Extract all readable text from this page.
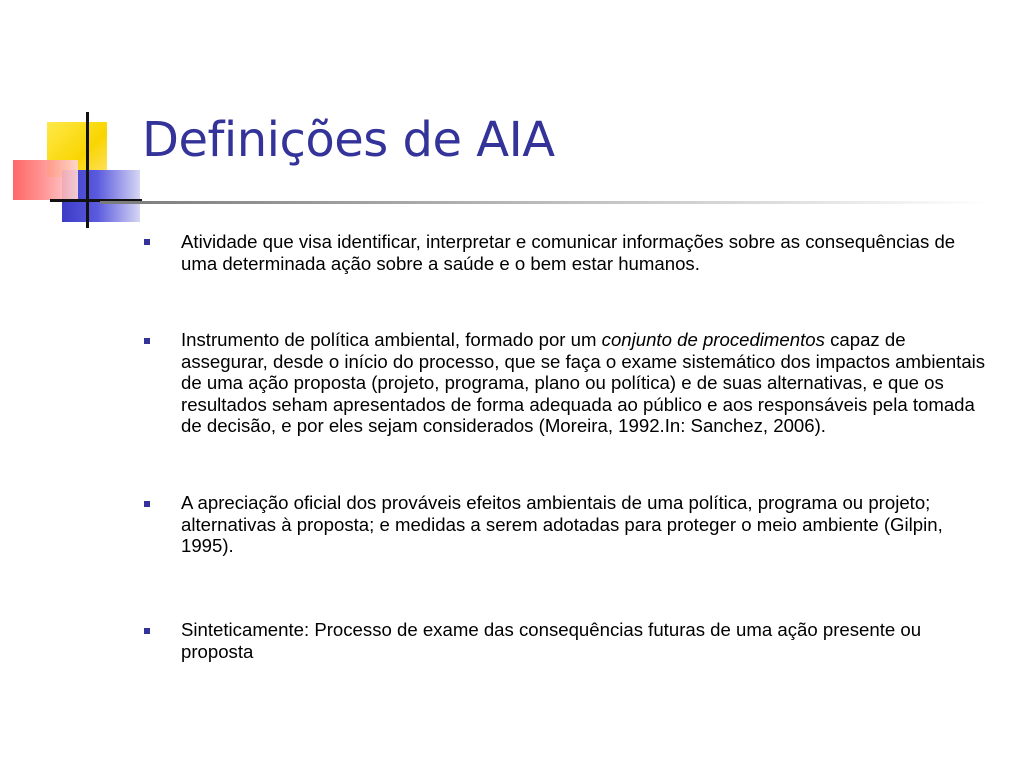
Definições de AIA

Atividade que visa identificar, interpretar e comunicar informações sobre as consequências de uma determinada ação sobre a saúde e o bem estar humanos.

Instrumento de política ambiental, formado por um conjunto de procedimentos capaz de assegurar, desde o início do processo, que se faça o exame sistemático dos impactos ambientais de uma ação proposta (projeto, programa, plano ou política) e de suas alternativas, e que os resultados seham apresentados de forma adequada ao público e aos responsáveis pela tomada de decisão, e por eles sejam considerados (Moreira, 1992.In: Sanchez, 2006).

A apreciação oficial dos prováveis efeitos ambientais de uma política, programa ou projeto; alternativas à proposta; e medidas a serem adotadas para proteger o meio ambiente (Gilpin, 1995).

Sinteticamente: Processo de exame das consequências futuras de uma ação presente ou proposta
